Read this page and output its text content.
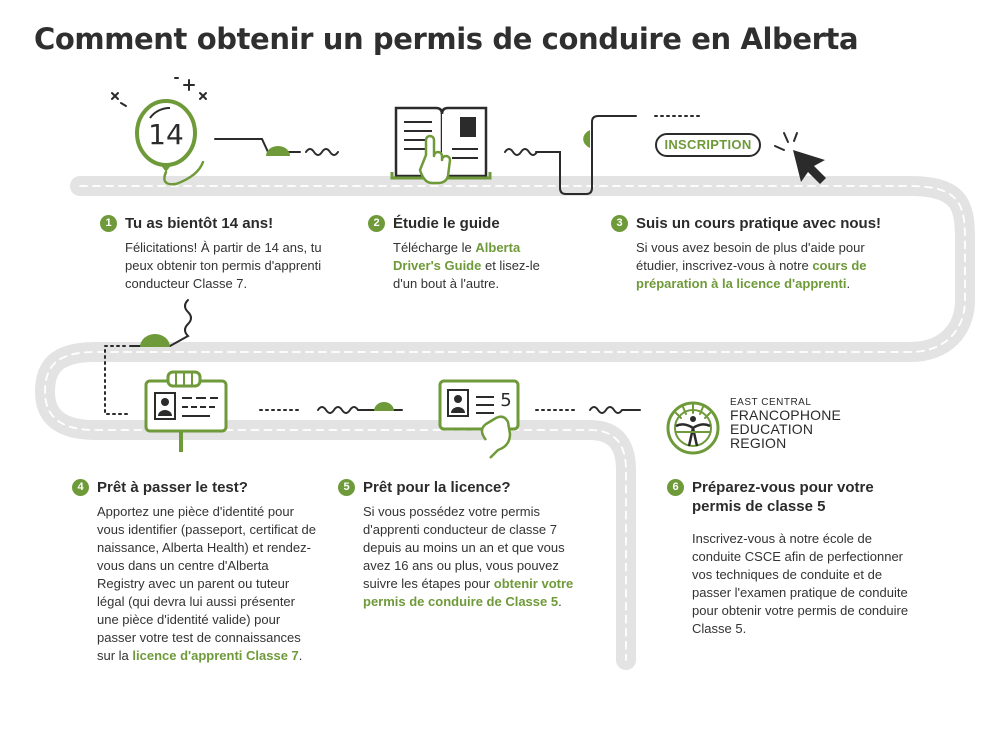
14
5
Comment obtenir un permis de conduire en Alberta
INSCRIPTION
EAST CENTRAL
FRANCOPHONE
EDUCATION
REGION
1 Tu as bientôt 14 ans!
Félicitations! À partir de 14 ans, tu peux obtenir ton permis d'apprenti conducteur Classe 7.
2 Étudie le guide
Télécharge le Alberta Driver's Guide et lisez-le d'un bout à l'autre.
3 Suis un cours pratique avec nous!
Si vous avez besoin de plus d'aide pour étudier, inscrivez-vous à notre cours de préparation à la licence d'apprenti.
4 Prêt à passer le test?
Apportez une pièce d'identité pour vous identifier (passeport, certificat de naissance, Alberta Health) et rendez-vous dans un centre d'Alberta Registry avec un parent ou tuteur légal (qui devra lui aussi présenter une pièce d'identité valide) pour passer votre test de connaissances sur la licence d'apprenti Classe 7.
5 Prêt pour la licence?
Si vous possédez votre permis d'apprenti conducteur de classe 7 depuis au moins un an et que vous avez 16 ans ou plus, vous pouvez suivre les étapes pour obtenir votre permis de conduire de Classe 5.
6 Préparez-vous pour votre permis de classe 5
Inscrivez-vous à notre école de conduite CSCE afin de perfectionner vos techniques de conduite et de passer l'examen pratique de conduite pour obtenir votre permis de conduire Classe 5.
